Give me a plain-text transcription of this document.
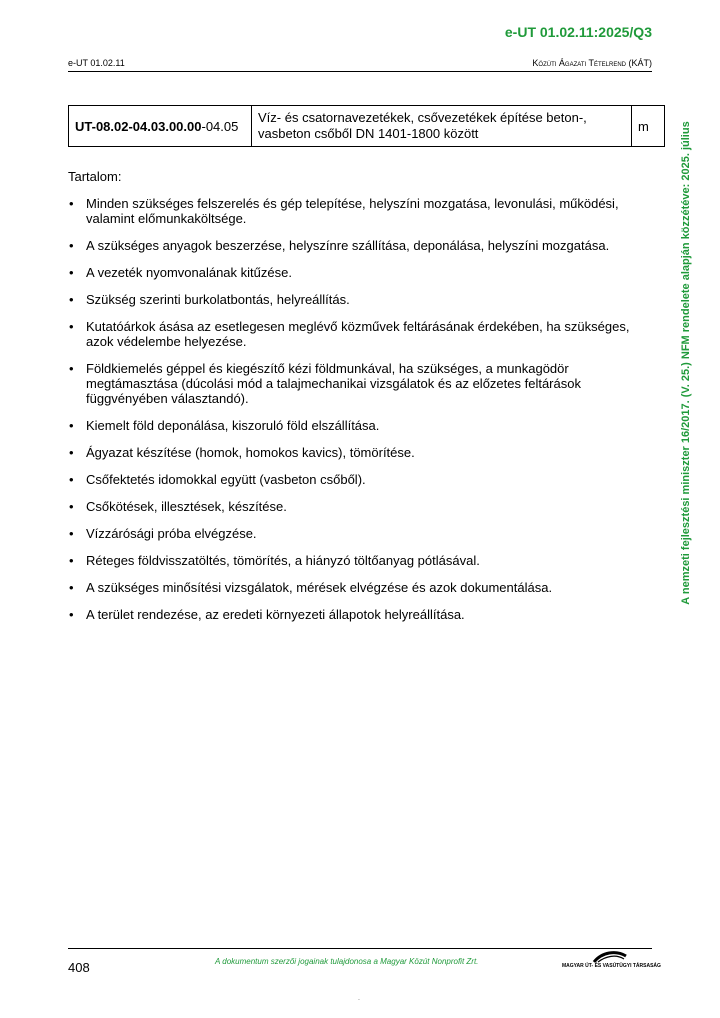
e-UT 01.02.11:2025/Q3
e-UT 01.02.11	Közúti Ágazati Tételrend (KÁT)
UT-08.02-04.03.00.00-04.05	Víz- és csatornavezetékek, csővezetékek építése beton-, vasbeton csőből DN 1401-1800 között	m
Tartalom:
• Minden szükséges felszerelés és gép telepítése, helyszíni mozgatása, levonulási, működési, valamint előmunkaköltsége.
• A szükséges anyagok beszerzése, helyszínre szállítása, deponálása, helyszíni mozgatása.
• A vezeték nyomvonalának kitűzése.
• Szükség szerinti burkolatbontás, helyreállítás.
• Kutatóárkok ásása az esetlegesen meglévő közművek feltárásának érdekében, ha szükséges, azok védelembe helyezése.
• Földkiemelés géppel és kiegészítő kézi földmunkával, ha szükséges, a munkagödör megtámasztása (dúcolási mód a talajmechanikai vizsgálatok és az előzetes feltárások függvényében választandó).
• Kiemelt föld deponálása, kiszoruló föld elszállítása.
• Ágyazat készítése (homok, homokos kavics), tömörítése.
• Csőfektetés idomokkal együtt (vasbeton csőből).
• Csőkötések, illesztések, készítése.
• Vízzárósági próba elvégzése.
• Réteges földvisszatöltés, tömörítés, a hiányzó töltőanyag pótlásával.
• A szükséges minősítési vizsgálatok, mérések elvégzése és azok dokumentálása.
• A terület rendezése, az eredeti környezeti állapotok helyreállítása.
A nemzeti fejlesztési miniszter 16/2017. (V. 25.) NFM rendelete alapján közzétéve: 2025. július
408	A dokumentum szerzői jogainak tulajdonosa a Magyar Közút Nonprofit Zrt.	MAGYAR ÚT- ÉS VASÚTÜGYI TÁRSASÁG
.
